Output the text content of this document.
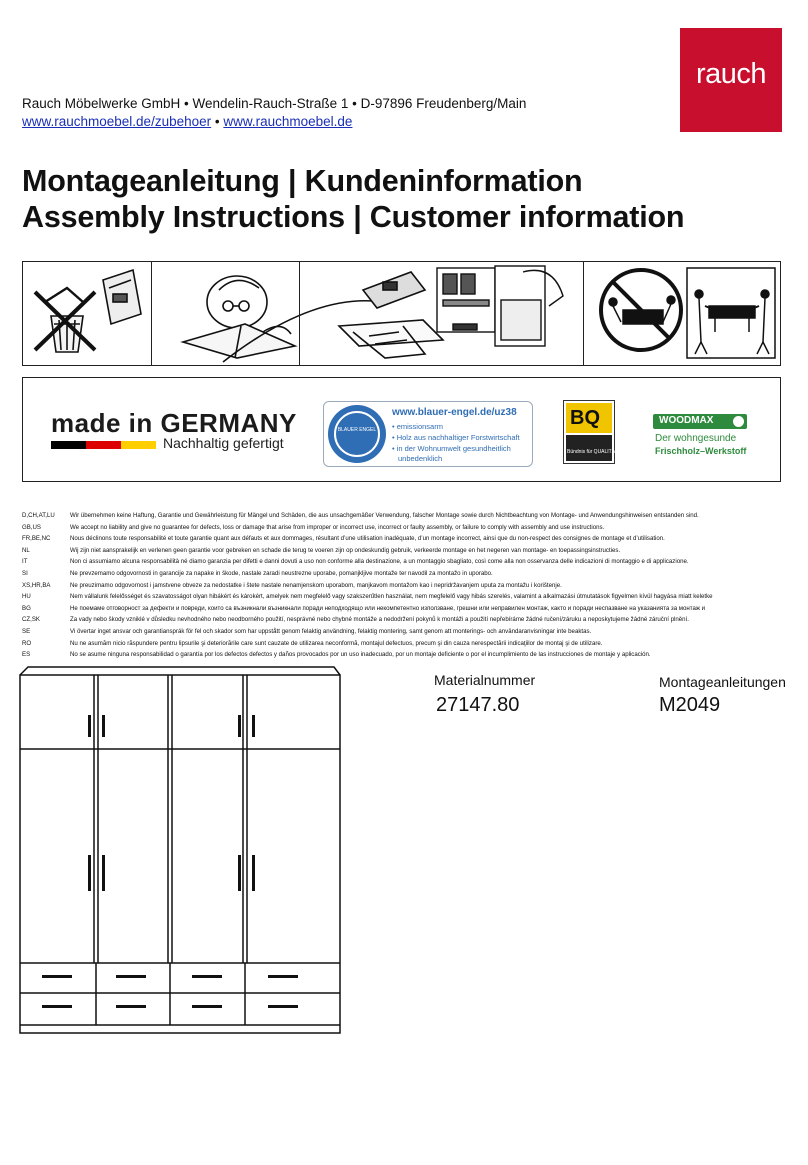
rauch
Rauch Möbelwerke GmbH • Wendelin-Rauch-Straße 1 • D-97896 Freudenberg/Main
www.rauchmoebel.de/zubehoer • www.rauchmoebel.de
Montageanleitung | Kundeninformation
Assembly Instructions | Customer information
made in GERMANY
Nachhaltig gefertigt
BLAUER ENGEL
www.blauer-engel.de/uz38
• emissionsarm
• Holz aus nachhaltiger Forstwirtschaft
• in der Wohnumwelt gesundheitlich
unbedenklich
BQ
Bündnis für QUALITÄT
WOODMAX
Der wohngesunde
Frischholz–Werkstoff
D,CH,AT,LU	Wir übernehmen keine Haftung, Garantie und Gewährleistung für Mängel und Schäden, die aus unsachgemäßer Verwendung, falscher Montage sowie durch Nichtbeachtung von Montage- und Anwendungshinweisen entstanden sind.
GB,US	We accept no liability and give no guarantee for defects, loss or damage that arise from improper or incorrect use, incorrect or faulty assembly, or failure to comply with assembly and use instructions.
FR,BE,NC	Nous déclinons toute responsabilité et toute garantie quant aux défauts et aux dommages, résultant d’une utilisation inadéquate, d’un montage incorrect, ainsi que du non-respect des consignes de montage et d’utilisation.
NL	Wij zijn niet aansprakelijk en verlenen geen garantie voor gebreken en schade die terug te voeren zijn op ondeskundig gebruik, verkeerde montage en het negeren van montage- en toepassingsinstructies.
IT	Non ci assumiamo alcuna responsabilità né diamo garanzia per difetti e danni dovuti a uso non conforme alla destinazione, a un montaggio sbagliato, così come alla non osservanza delle indicazioni di montaggio e di applicazione.
SI	Ne prevzemamo odgovornosti in garancije za napake in škode, nastale zaradi neustrezne uporabe, pomanjkljive montaže ter navodil za montažo in uporabo.
XS,HR,BA	Ne preuzimamo odgovornost i jamstvene obveze za nedostatke i štete nastale nenamjenskom uporabom, manjkavom montažom kao i nepridržavanjem uputa za montažu i korištenje.
HU	Nem vállalunk felelősséget és szavatosságot olyan hibákért és károkért, amelyek nem megfelelő vagy szakszerűtlen használat, nem megfelelő vagy hibás szerelés, valamint a alkalmazási útmutatások figyelmen kívül hagyása miatt keletke
BG	Не поемаме отговорност за дефекти и повреди, които са възникнали възникнали поради неподходящо или некомпетентно използване, грешни или неправилен монтаж, както и поради неспазване на указанията за монтаж и
CZ,SK	Za vady nebo škody vzniklé v důsledku nevhodného nebo neodborného použití, nesprávné nebo chybné montáže a nedodržení pokynů k montáži a použití nepřebíráme žádné ručení/záruku a neposkytujeme žádné záruční plnění.
SE	Vi övertar inget ansvar och garantiansprák för fel och skador som har uppstått genom felaktig användning, felaktig montering, samt genom att monterings- och användaranvisningar inte beaktas.
RO	Nu ne asumăm nicio răspundere pentru lipsurile şi deteriorările care sunt cauzate de utilizarea neconformă, montajul defectuos, precum şi din cauza nerespectării indicaţiilor de montaj şi de utilizare.
ES	No se asume ninguna responsabilidad o garantía por los defectos defectos y daños provocados por un uso inadecuado, por un montaje deficiente o por el incumplimiento de las instrucciones de montaje y aplicación.
Materialnummer
27147.80
Montageanleitungen
M2049
